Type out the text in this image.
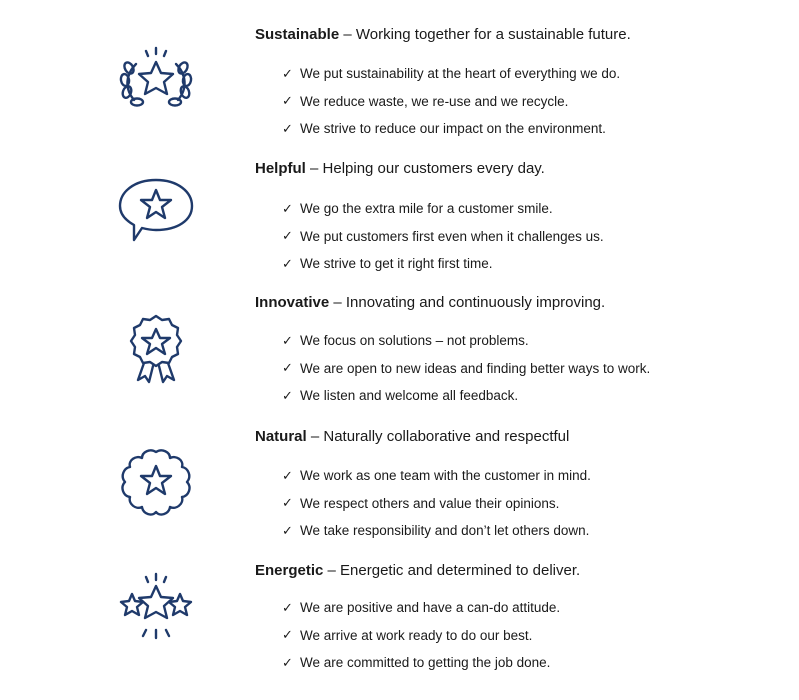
Sustainable – Working together for a sustainable future.
✓ We put sustainability at the heart of everything we do.
✓ We reduce waste, we re-use and we recycle.
✓ We strive to reduce our impact on the environment.
Helpful – Helping our customers every day.
✓ We go the extra mile for a customer smile.
✓ We put customers first even when it challenges us.
✓ We strive to get it right first time.
Innovative – Innovating and continuously improving.
✓ We focus on solutions – not problems.
✓ We are open to new ideas and finding better ways to work.
✓ We listen and welcome all feedback.
Natural – Naturally collaborative and respectful
✓ We work as one team with the customer in mind.
✓ We respect others and value their opinions.
✓ We take responsibility and don’t let others down.
Energetic – Energetic and determined to deliver.
✓ We are positive and have a can-do attitude.
✓ We arrive at work ready to do our best.
✓ We are committed to getting the job done.
